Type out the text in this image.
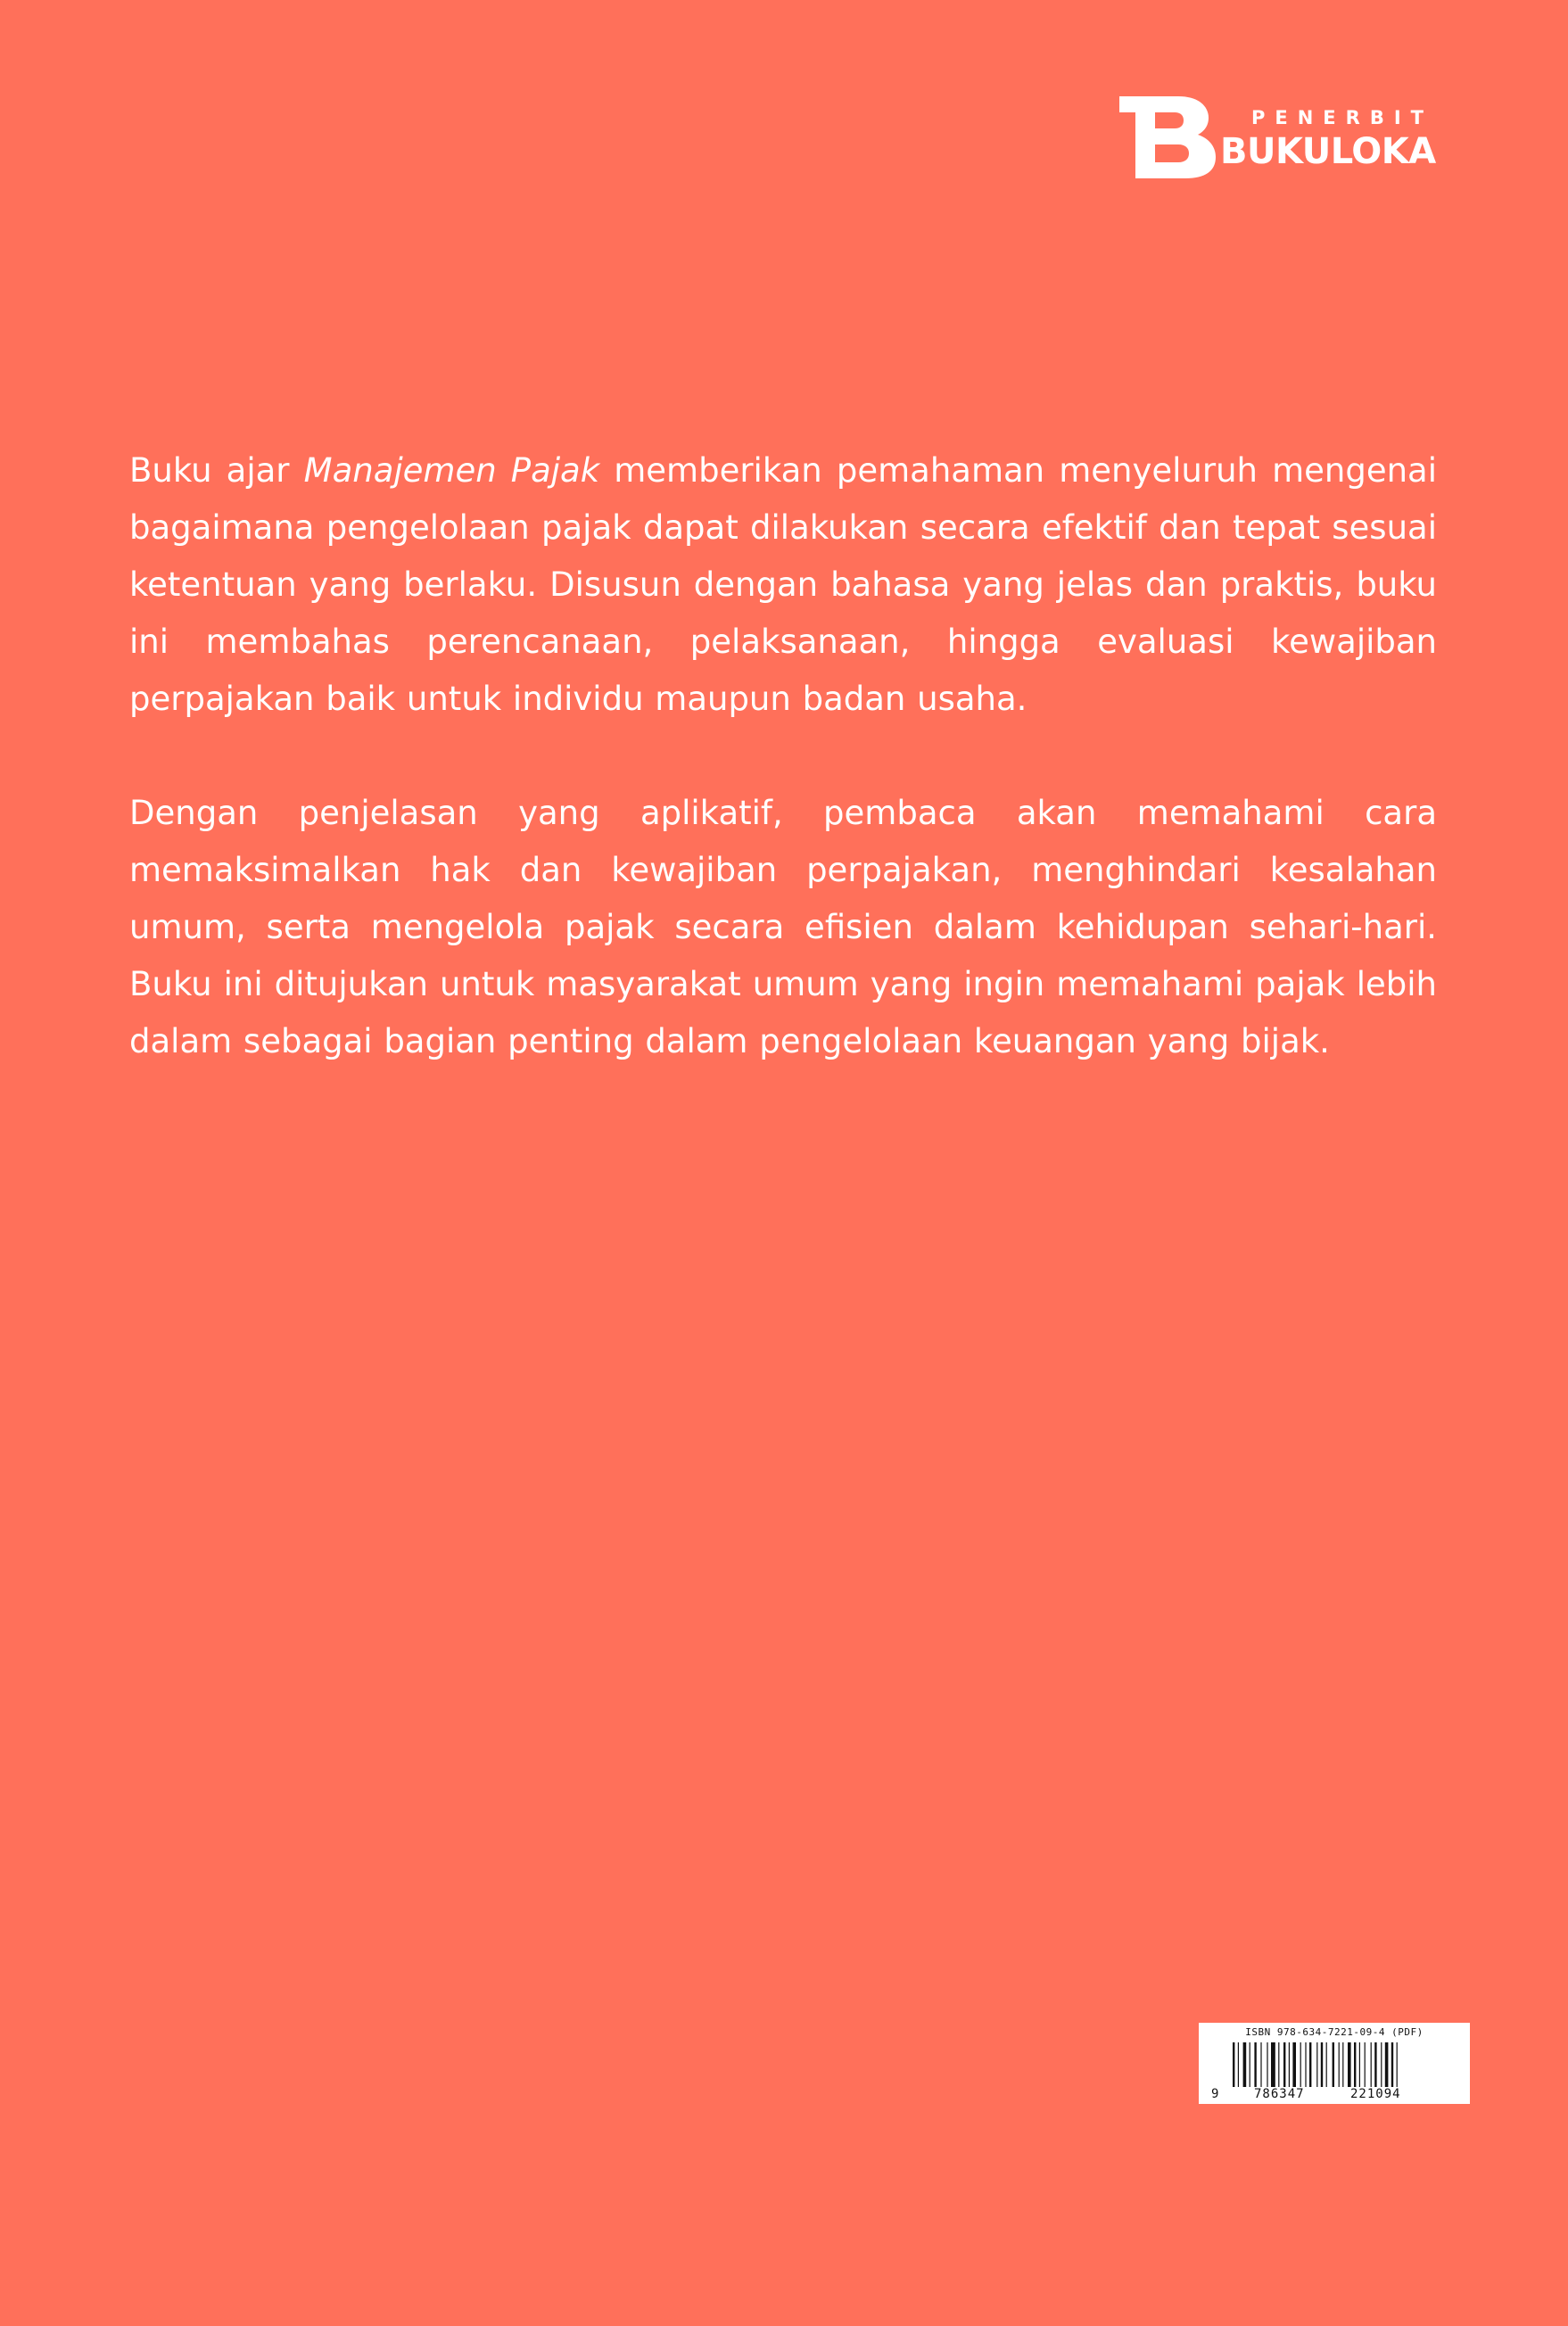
PENERBIT
BUKULOKA

Buku ajar Manajemen Pajak memberikan pemahaman menyeluruh mengenai bagaimana pengelolaan pajak dapat dilakukan secara efektif dan tepat sesuai ketentuan yang berlaku. Disusun dengan bahasa yang jelas dan praktis, buku ini membahas perencanaan, pelaksanaan, hingga evaluasi kewajiban perpajakan baik untuk individu maupun badan usaha.

Dengan penjelasan yang aplikatif, pembaca akan memahami cara memaksimalkan hak dan kewajiban perpajakan, menghindari kesalahan umum, serta mengelola pajak secara efisien dalam kehidupan sehari-hari. Buku ini ditujukan untuk masyarakat umum yang ingin memahami pajak lebih dalam sebagai bagian penting dalam pengelolaan keuangan yang bijak.

ISBN 978-634-7221-09-4 (PDF)
9	786347	221094
